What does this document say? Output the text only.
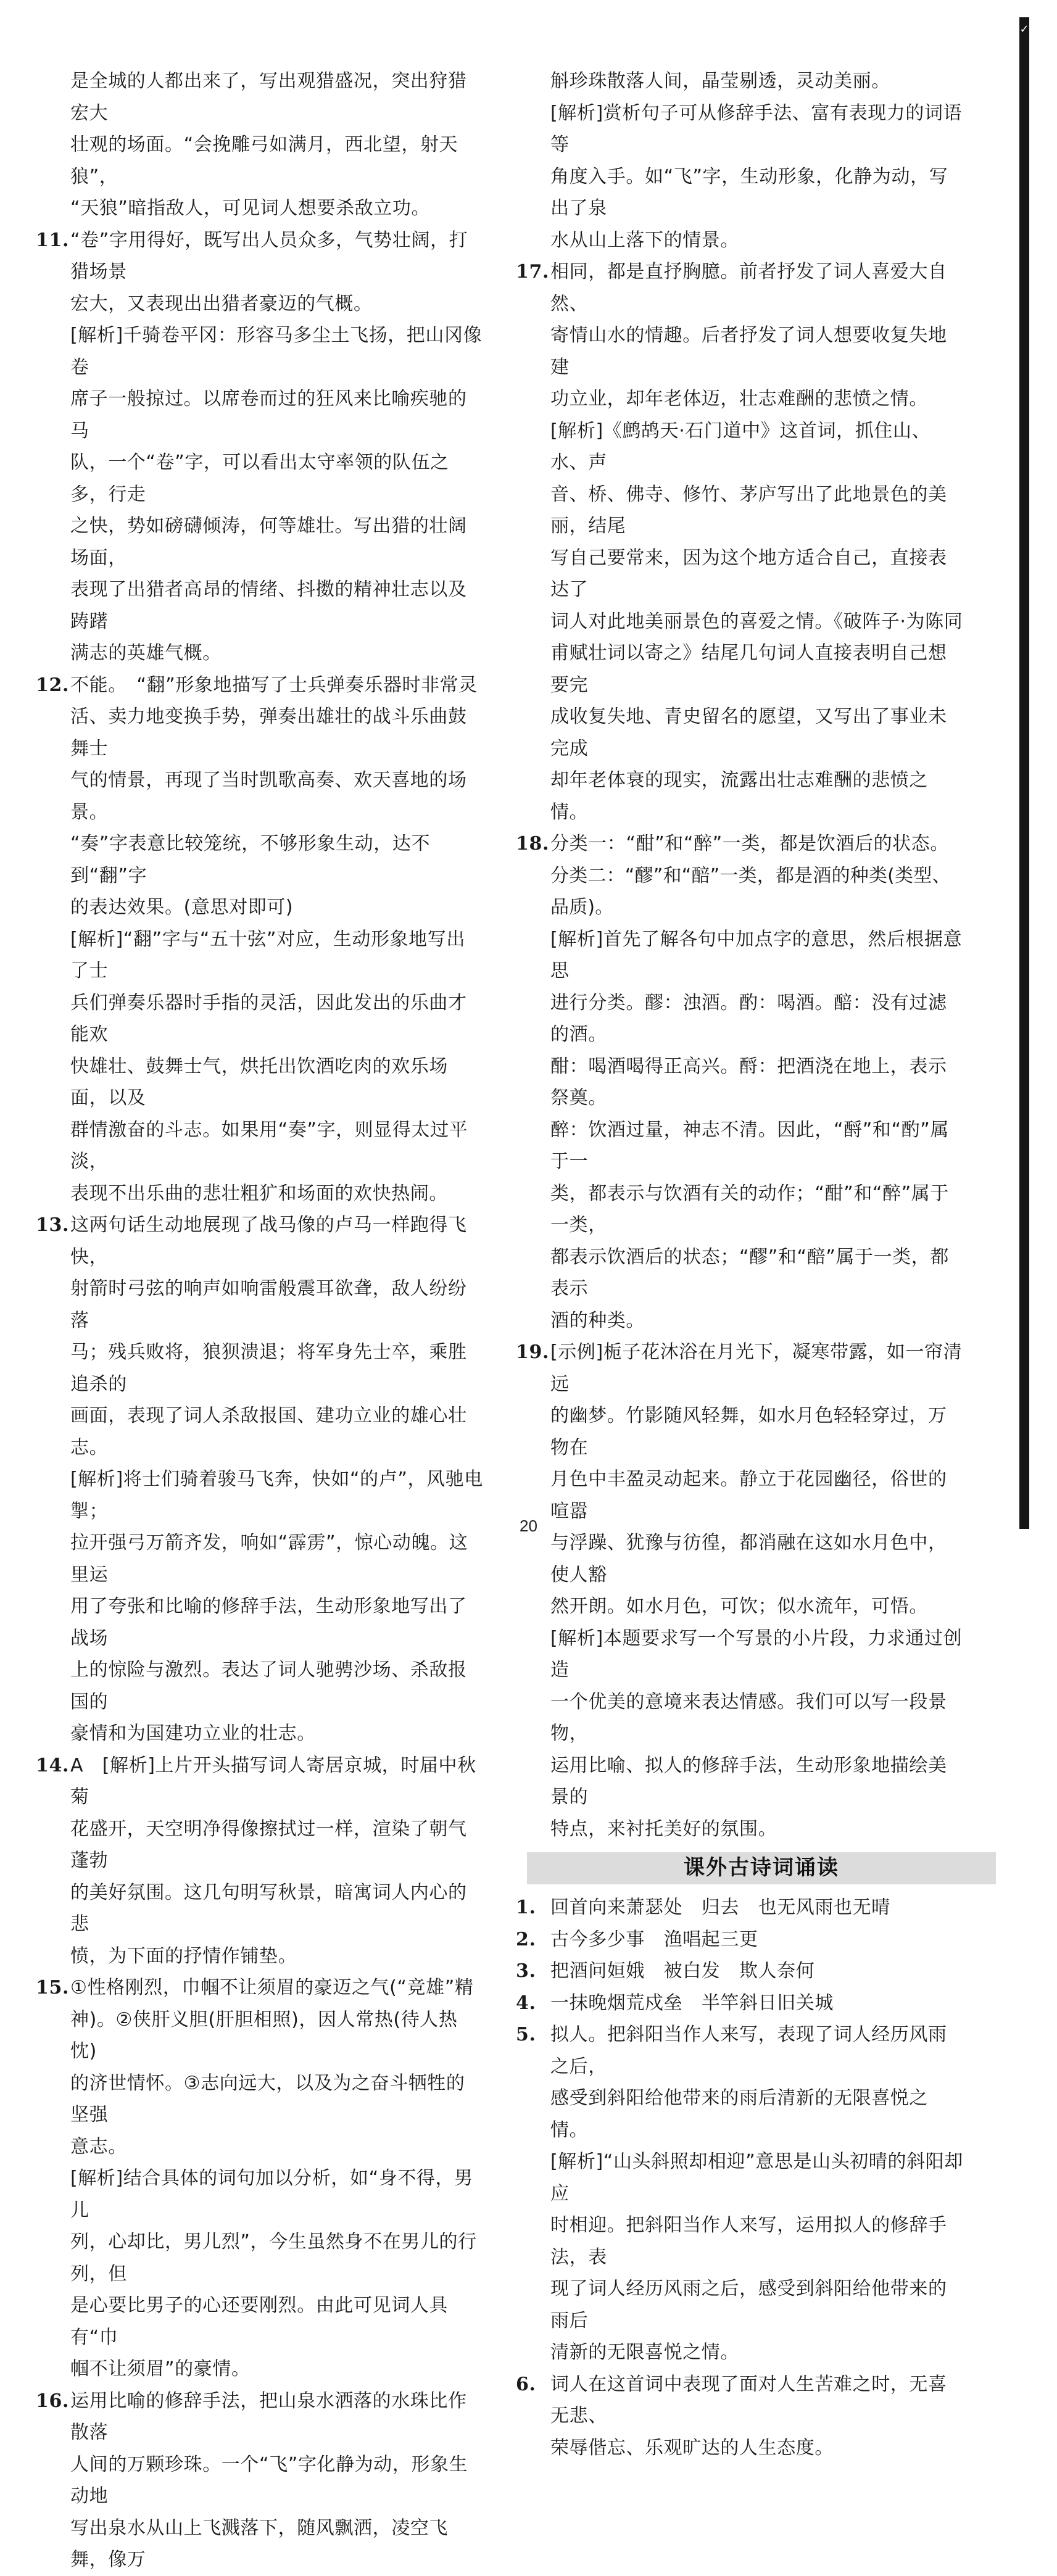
✓
是全城的人都出来了，写出观猎盛况，突出狩猎宏大
壮观的场面。“会挽雕弓如满月，西北望，射天狼”，
“天狼”暗指敌人，可见词人想要杀敌立功。
11. “卷”字用得好，既写出人员众多，气势壮阔，打猎场景
宏大，又表现出出猎者豪迈的气概。
[解析]千骑卷平冈：形容马多尘土飞扬，把山冈像卷
席子一般掠过。以席卷而过的狂风来比喻疾驰的马
队，一个“卷”字，可以看出太守率领的队伍之多，行走
之快，势如磅礴倾涛，何等雄壮。写出猎的壮阔场面，
表现了出猎者高昂的情绪、抖擞的精神壮志以及踌躇
满志的英雄气概。
12. 不能。　“翻”形象地描写了士兵弹奏乐器时非常灵
活、卖力地变换手势，弹奏出雄壮的战斗乐曲鼓舞士
气的情景，再现了当时凯歌高奏、欢天喜地的场景。
“奏”字表意比较笼统，不够形象生动，达不到“翻”字
的表达效果。(意思对即可)
[解析]“翻”字与“五十弦”对应，生动形象地写出了士
兵们弹奏乐器时手指的灵活，因此发出的乐曲才能欢
快雄壮、鼓舞士气，烘托出饮酒吃肉的欢乐场面，以及
群情激奋的斗志。如果用“奏”字，则显得太过平淡，
表现不出乐曲的悲壮粗犷和场面的欢快热闹。
13. 这两句话生动地展现了战马像的卢马一样跑得飞快，
射箭时弓弦的响声如响雷般震耳欲聋，敌人纷纷落
马；残兵败将，狼狈溃退；将军身先士卒，乘胜追杀的
画面，表现了词人杀敌报国、建功立业的雄心壮志。
[解析]将士们骑着骏马飞奔，快如“的卢”，风驰电掣；
拉开强弓万箭齐发，响如“霹雳”，惊心动魄。这里运
用了夸张和比喻的修辞手法，生动形象地写出了战场
上的惊险与激烈。表达了词人驰骋沙场、杀敌报国的
豪情和为国建功立业的壮志。
14. A　[解析]上片开头描写词人寄居京城，时届中秋菊
花盛开，天空明净得像擦拭过一样，渲染了朝气蓬勃
的美好氛围。这几句明写秋景，暗寓词人内心的悲
愤，为下面的抒情作铺垫。
15. ①性格刚烈，巾帼不让须眉的豪迈之气(“竞雄”精
神)。②侠肝义胆(肝胆相照)，因人常热(待人热忱)
的济世情怀。③志向远大，以及为之奋斗牺牲的坚强
意志。
[解析]结合具体的词句加以分析，如“身不得，男儿
列，心却比，男儿烈”，今生虽然身不在男儿的行列，但
是心要比男子的心还要刚烈。由此可见词人具有“巾
帼不让须眉”的豪情。
16. 运用比喻的修辞手法，把山泉水洒落的水珠比作散落
人间的万颗珍珠。一个“飞”字化静为动，形象生动地
写出泉水从山上飞溅落下，随风飘洒，凌空飞舞，像万
斛珍珠散落人间，晶莹剔透，灵动美丽。
[解析]赏析句子可从修辞手法、富有表现力的词语等
角度入手。如“飞”字，生动形象，化静为动，写出了泉
水从山上落下的情景。
17. 相同，都是直抒胸臆。前者抒发了词人喜爱大自然、
寄情山水的情趣。后者抒发了词人想要收复失地建
功立业，却年老体迈，壮志难酬的悲愤之情。
[解析]《鹧鸪天·石门道中》这首词，抓住山、水、声
音、桥、佛寺、修竹、茅庐写出了此地景色的美丽，结尾
写自己要常来，因为这个地方适合自己，直接表达了
词人对此地美丽景色的喜爱之情。《破阵子·为陈同
甫赋壮词以寄之》结尾几句词人直接表明自己想要完
成收复失地、青史留名的愿望，又写出了事业未完成
却年老体衰的现实，流露出壮志难酬的悲愤之情。
18. 分类一：“酣”和“醉”一类，都是饮酒后的状态。
分类二：“醪”和“醅”一类，都是酒的种类(类型、品质)。
[解析]首先了解各句中加点字的意思，然后根据意思
进行分类。醪：浊酒。酌：喝酒。醅：没有过滤的酒。
酣：喝酒喝得正高兴。酹：把酒浇在地上，表示祭奠。
醉：饮酒过量，神志不清。因此，“酹”和“酌”属于一
类，都表示与饮酒有关的动作；“酣”和“醉”属于一类，
都表示饮酒后的状态；“醪”和“醅”属于一类，都表示
酒的种类。
19. [示例]栀子花沐浴在月光下，凝寒带露，如一帘清远
的幽梦。竹影随风轻舞，如水月色轻轻穿过，万物在
月色中丰盈灵动起来。静立于花园幽径，俗世的喧嚣
与浮躁、犹豫与彷徨，都消融在这如水月色中，使人豁
然开朗。如水月色，可饮；似水流年，可悟。
[解析]本题要求写一个写景的小片段，力求通过创造
一个优美的意境来表达情感。我们可以写一段景物，
运用比喻、拟人的修辞手法，生动形象地描绘美景的
特点，来衬托美好的氛围。
课外古诗词诵读
1. 回首向来萧瑟处　归去　也无风雨也无晴
2. 古今多少事　渔唱起三更
3. 把酒问姮娥　被白发　欺人奈何
4. 一抹晚烟荒戍垒　半竿斜日旧关城
5. 拟人。把斜阳当作人来写，表现了词人经历风雨之后，
感受到斜阳给他带来的雨后清新的无限喜悦之情。
[解析]“山头斜照却相迎”意思是山头初晴的斜阳却应
时相迎。把斜阳当作人来写，运用拟人的修辞手法，表
现了词人经历风雨之后，感受到斜阳给他带来的雨后
清新的无限喜悦之情。
6. 词人在这首词中表现了面对人生苦难之时，无喜无悲、
荣辱偕忘、乐观旷达的人生态度。
20
